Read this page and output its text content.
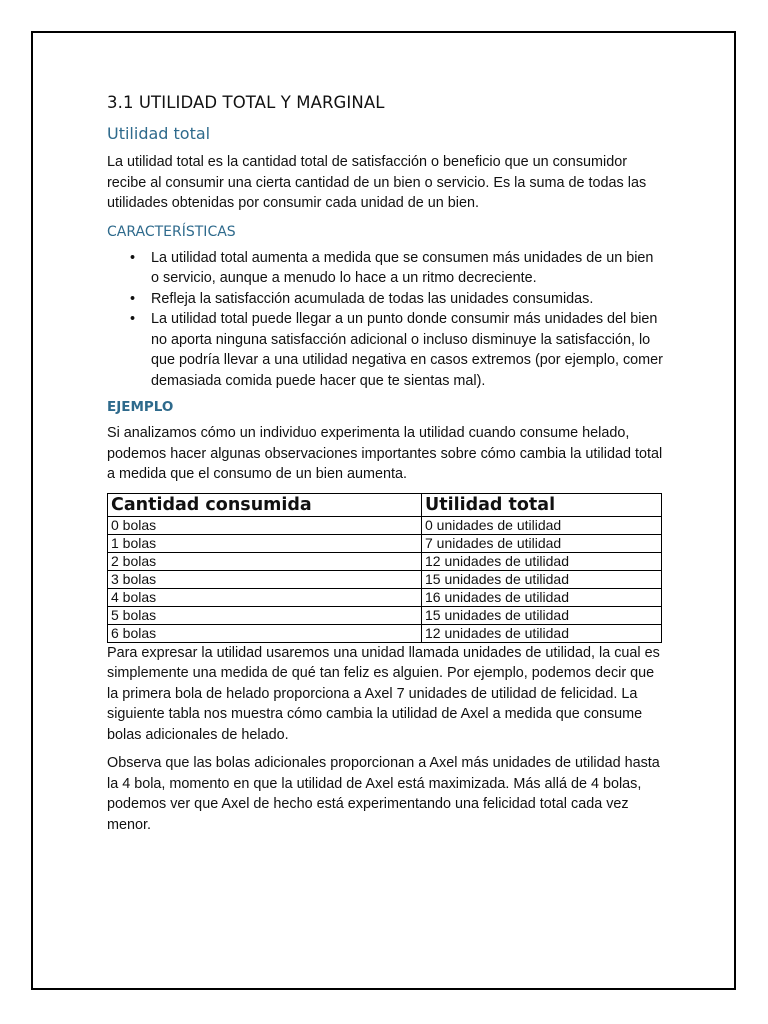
3.1 UTILIDAD TOTAL Y MARGINAL
Utilidad total

La utilidad total es la cantidad total de satisfacción o beneficio que un consumidor recibe al consumir una cierta cantidad de un bien o servicio. Es la suma de todas las utilidades obtenidas por consumir cada unidad de un bien.

CARACTERÍSTICAS
• La utilidad total aumenta a medida que se consumen más unidades de un bien o servicio, aunque a menudo lo hace a un ritmo decreciente.
• Refleja la satisfacción acumulada de todas las unidades consumidas.
• La utilidad total puede llegar a un punto donde consumir más unidades del bien no aporta ninguna satisfacción adicional o incluso disminuye la satisfacción, lo que podría llevar a una utilidad negativa en casos extremos (por ejemplo, comer demasiada comida puede hacer que te sientas mal).
EJEMPLO

Si analizamos cómo un individuo experimenta la utilidad cuando consume helado, podemos hacer algunas observaciones importantes sobre cómo cambia la utilidad total a medida que el consumo de un bien aumenta.

Cantidad consumida	Utilidad total
0 bolas	0 unidades de utilidad
1 bolas	7 unidades de utilidad
2 bolas	12 unidades de utilidad
3 bolas	15 unidades de utilidad
4 bolas	16 unidades de utilidad
5 bolas	15 unidades de utilidad
6 bolas	12 unidades de utilidad

Para expresar la utilidad usaremos una unidad llamada unidades de utilidad, la cual es simplemente una medida de qué tan feliz es alguien. Por ejemplo, podemos decir que la primera bola de helado proporciona a Axel 7 unidades de utilidad de felicidad. La siguiente tabla nos muestra cómo cambia la utilidad de Axel a medida que consume bolas adicionales de helado.

Observa que las bolas adicionales proporcionan a Axel más unidades de utilidad hasta la 4 bola, momento en que la utilidad de Axel está maximizada. Más allá de 4 bolas, podemos ver que Axel de hecho está experimentando una felicidad total cada vez menor.
